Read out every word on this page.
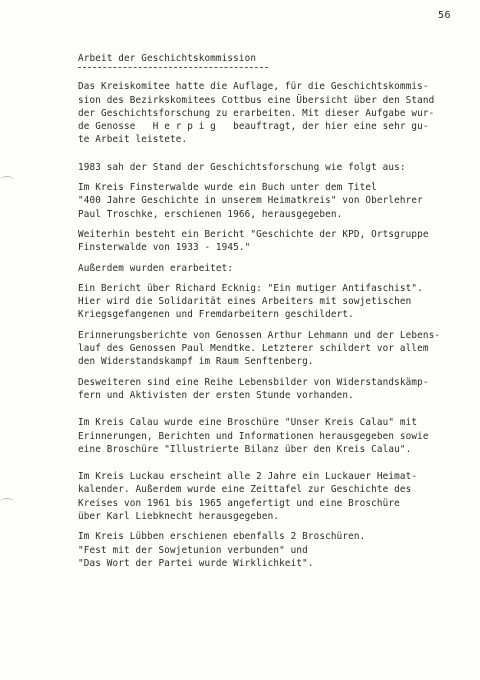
56
Arbeit der Geschichtskommission
Das Kreiskomitee hatte die Auflage, für die Geschichtskommis-
sion des Bezirkskomitees Cottbus eine Übersicht über den Stand
der Geschichtsforschung zu erarbeiten. Mit dieser Aufgabe wur-
de Genosse   H e r p i g   beauftragt, der hier eine sehr gu-
te Arbeit leistete.
1983 sah der Stand der Geschichtsforschung wie folgt aus:
Im Kreis Finsterwalde wurde ein Buch unter dem Titel
"400 Jahre Geschichte in unserem Heimatkreis" von Oberlehrer
Paul Troschke, erschienen 1966, herausgegeben.
Weiterhin besteht ein Bericht "Geschichte der KPD, Ortsgruppe
Finsterwalde von 1933 - 1945."
Außerdem wurden erarbeitet:
Ein Bericht über Richard Ecknig: "Ein mutiger Antifaschist".
Hier wird die Solidarität eines Arbeiters mit sowjetischen
Kriegsgefangenen und Fremdarbeitern geschildert.
Erinnerungsberichte von Genossen Arthur Lehmann und der Lebens-
lauf des Genossen Paul Mendtke. Letzterer schildert vor allem
den Widerstandskampf im Raum Senftenberg.
Desweiteren sind eine Reihe Lebensbilder von Widerstandskämp-
fern und Aktivisten der ersten Stunde vorhanden.
Im Kreis Calau wurde eine Broschüre "Unser Kreis Calau" mit
Erinnerungen, Berichten und Informationen herausgegeben sowie
eine Broschüre "Illustrierte Bilanz über den Kreis Calau".
Im Kreis Luckau erscheint alle 2 Jahre ein Luckauer Heimat-
kalender. Außerdem wurde eine Zeittafel zur Geschichte des
Kreises von 1961 bis 1965 angefertigt und eine Broschüre
über Karl Liebknecht herausgegeben.
Im Kreis Lübben erschienen ebenfalls 2 Broschüren.
"Fest mit der Sowjetunion verbunden" und
"Das Wort der Partei wurde Wirklichkeit".
